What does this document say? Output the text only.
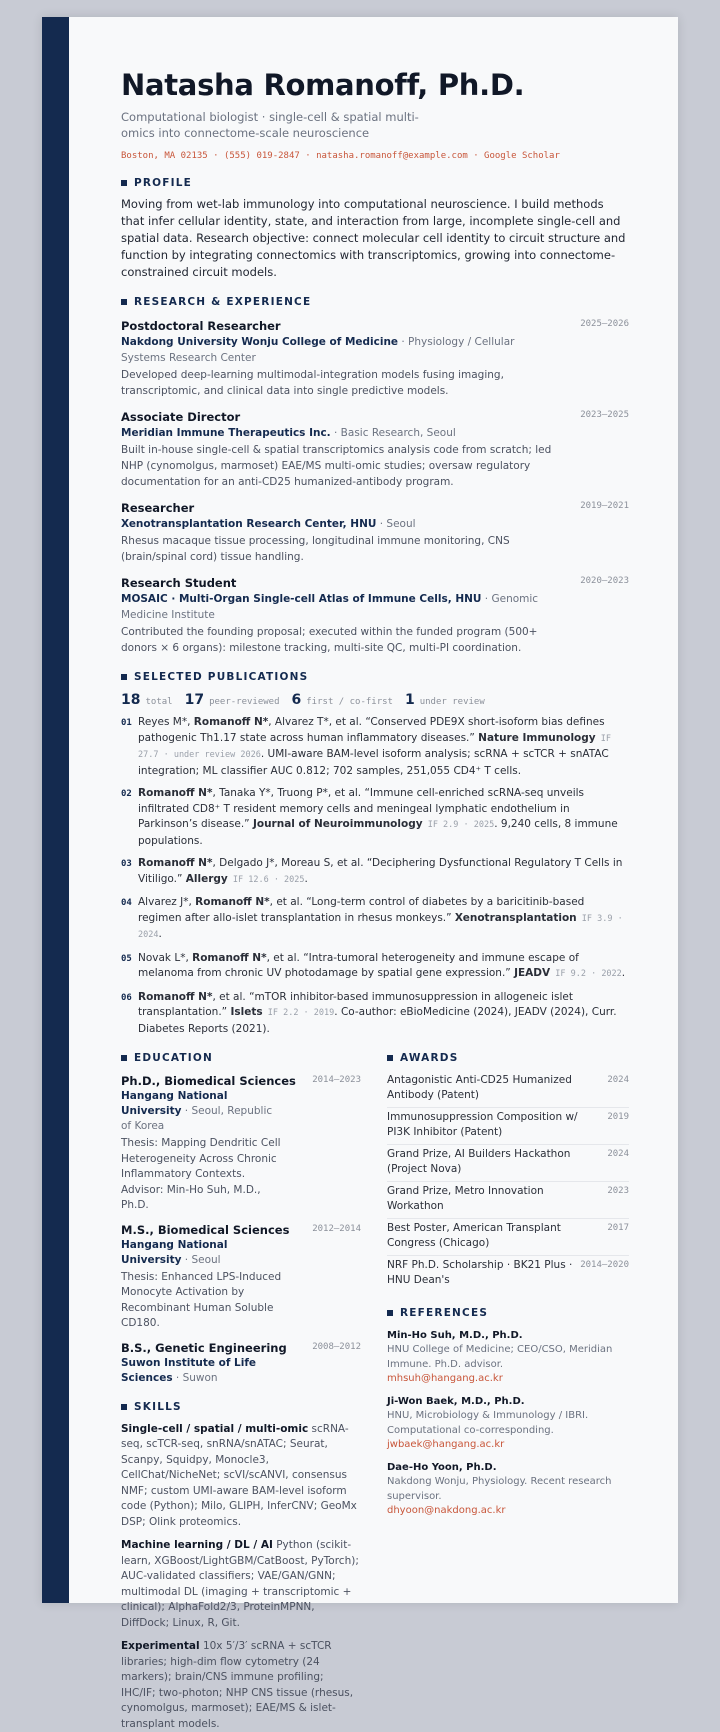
Natasha Romanoff, Ph.D.
Computational biologist · single-cell & spatial multi-omics into connectome-scale neuroscience
Boston, MA 02135 · (555) 019-2847 · natasha.romanoff@example.com · Google Scholar
PROFILE

Moving from wet-lab immunology into computational neuroscience. I build methods that infer cellular identity, state, and interaction from large, incomplete single-cell and spatial data. Research objective: connect molecular cell identity to circuit structure and function by integrating connectomics with transcriptomics, growing into connectome-constrained circuit models.

RESEARCH & EXPERIENCE
Postdoctoral Researcher	2025–2026
Nakdong University Wonju College of Medicine · Physiology / Cellular Systems Research Center
Developed deep-learning multimodal-integration models fusing imaging, transcriptomic, and clinical data into single predictive models.
Associate Director	2023–2025
Meridian Immune Therapeutics Inc. · Basic Research, Seoul
Built in-house single-cell & spatial transcriptomics analysis code from scratch; led NHP (cynomolgus, marmoset) EAE/MS multi-omic studies; oversaw regulatory documentation for an anti-CD25 humanized-antibody program.
Researcher	2019–2021
Xenotransplantation Research Center, HNU · Seoul
Rhesus macaque tissue processing, longitudinal immune monitoring, CNS (brain/spinal cord) tissue handling.
Research Student	2020–2023
MOSAIC · Multi-Organ Single-cell Atlas of Immune Cells, HNU · Genomic Medicine Institute
Contributed the founding proposal; executed within the funded program (500+ donors × 6 organs): milestone tracking, multi-site QC, multi-PI coordination.
SELECTED PUBLICATIONS
18 total 17 peer-reviewed 6 first / co-first 1 under review
01 Reyes M*, Romanoff N*, Alvarez T*, et al. “Conserved PDE9X short-isoform bias defines pathogenic Th1.17 state across human inflammatory diseases.” Nature Immunology IF 27.7 · under review 2026. UMI-aware BAM-level isoform analysis; scRNA + scTCR + snATAC integration; ML classifier AUC 0.812; 702 samples, 251,055 CD4⁺ T cells.
02 Romanoff N*, Tanaka Y*, Truong P*, et al. “Immune cell-enriched scRNA-seq unveils infiltrated CD8⁺ T resident memory cells and meningeal lymphatic endothelium in Parkinson’s disease.” Journal of Neuroimmunology IF 2.9 · 2025. 9,240 cells, 8 immune populations.
03 Romanoff N*, Delgado J*, Moreau S, et al. “Deciphering Dysfunctional Regulatory T Cells in Vitiligo.” Allergy IF 12.6 · 2025.
04 Alvarez J*, Romanoff N*, et al. “Long-term control of diabetes by a baricitinib-based regimen after allo-islet transplantation in rhesus monkeys.” Xenotransplantation IF 3.9 · 2024.
05 Novak L*, Romanoff N*, et al. “Intra-tumoral heterogeneity and immune escape of melanoma from chronic UV photodamage by spatial gene expression.” JEADV IF 9.2 · 2022.
06 Romanoff N*, et al. “mTOR inhibitor-based immunosuppression in allogeneic islet transplantation.” Islets IF 2.2 · 2019. Co-author: eBioMedicine (2024), JEADV (2024), Curr. Diabetes Reports (2021).
EDUCATION
Ph.D., Biomedical Sciences	2014–2023
Hangang National University · Seoul, Republic of Korea
Thesis: Mapping Dendritic Cell Heterogeneity Across Chronic Inflammatory Contexts. Advisor: Min-Ho Suh, M.D., Ph.D.
M.S., Biomedical Sciences	2012–2014
Hangang National University · Seoul
Thesis: Enhanced LPS-Induced Monocyte Activation by Recombinant Human Soluble CD180.
B.S., Genetic Engineering	2008–2012
Suwon Institute of Life Sciences · Suwon
SKILLS
Single-cell / spatial / multi-omic scRNA-seq, scTCR-seq, snRNA/snATAC; Seurat, Scanpy, Squidpy, Monocle3, CellChat/NicheNet; scVI/scANVI, consensus NMF; custom UMI-aware BAM-level isoform code (Python); Milo, GLIPH, InferCNV; GeoMx DSP; Olink proteomics.
Machine learning / DL / AI Python (scikit-learn, XGBoost/LightGBM/CatBoost, PyTorch); AUC-validated classifiers; VAE/GAN/GNN; multimodal DL (imaging + transcriptomic + clinical); AlphaFold2/3, ProteinMPNN, DiffDock; Linux, R, Git.
Experimental 10x 5′/3′ scRNA + scTCR libraries; high-dim flow cytometry (24 markers); brain/CNS immune profiling; IHC/IF; two-photon; NHP CNS tissue (rhesus, cynomolgus, marmoset); EAE/MS & islet-transplant models.
AWARDS
Antagonistic Anti-CD25 Humanized Antibody (Patent)
2024
Immunosuppression Composition w/ PI3K Inhibitor (Patent)
2019
Grand Prize, AI Builders Hackathon (Project Nova)
2024
Grand Prize, Metro Innovation Workathon
2023
Best Poster, American Transplant Congress (Chicago)
2017
NRF Ph.D. Scholarship · BK21 Plus · HNU Dean's
2014–2020
REFERENCES
Min-Ho Suh, M.D., Ph.D.
HNU College of Medicine; CEO/CSO, Meridian Immune. Ph.D. advisor.
mhsuh@hangang.ac.kr
Ji-Won Baek, M.D., Ph.D.
HNU, Microbiology & Immunology / IBRI. Computational co-corresponding.
jwbaek@hangang.ac.kr
Dae-Ho Yoon, Ph.D.
Nakdong Wonju, Physiology. Recent research supervisor.
dhyoon@nakdong.ac.kr
